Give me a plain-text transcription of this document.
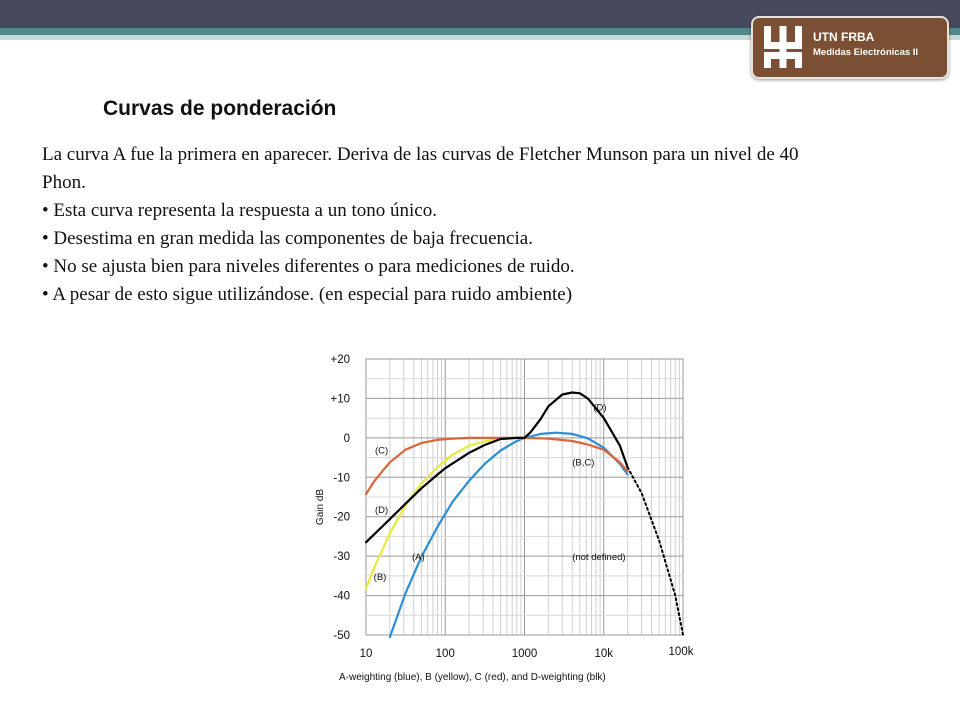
UTN FRBA
Medidas Electrónicas II
Curvas de ponderación

La curva A fue la primera en aparecer. Deriva de las curvas de Fletcher Munson para un nivel de 40 Phon.

• Esta curva representa la respuesta a un tono único.

• Desestima en gran medida las componentes de baja frecuencia.

• No se ajusta bien para niveles diferentes o para mediciones de ruido.

• A pesar de esto sigue utilizándose. (en especial para ruido ambiente)

+20
+10
0
-10
-20
-30
-40
-50
10	100	1000	10k	100k
(C)
(D)
(B)
(A)
(D)
(B,C)
(not defined)
Gain dB
A-weighting (blue), B (yellow), C (red), and D-weighting (blk)
